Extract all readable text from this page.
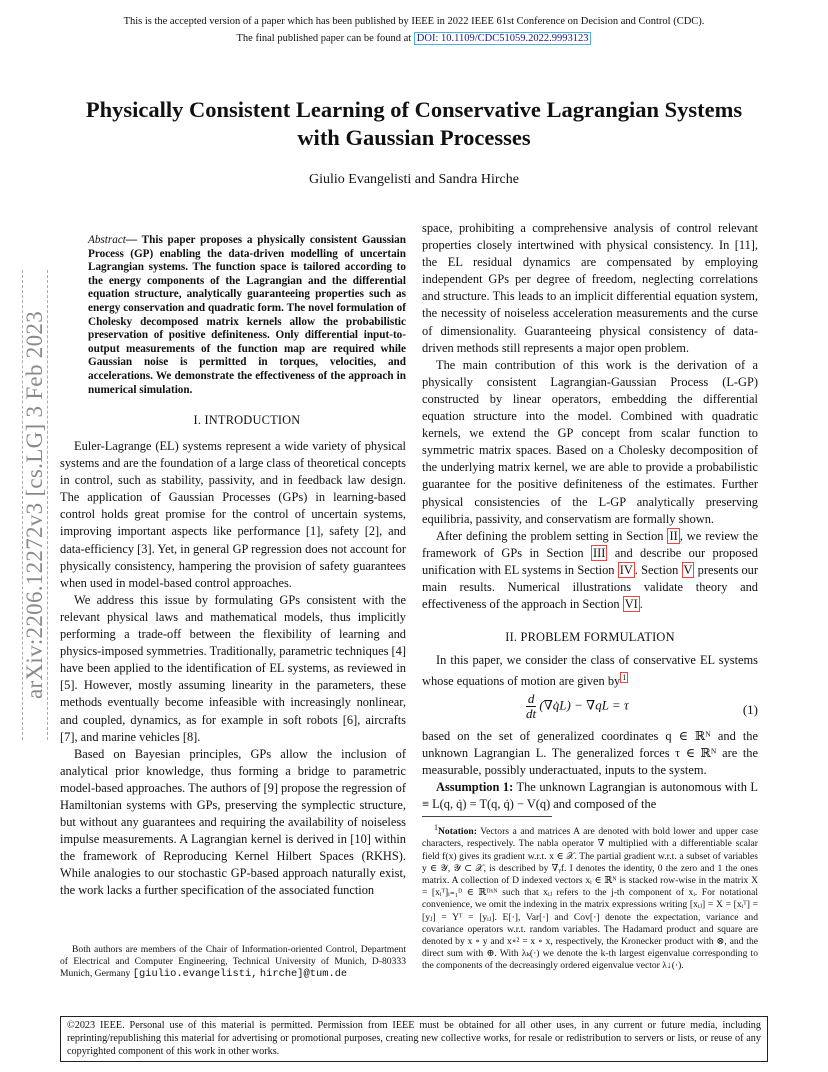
This is the accepted version of a paper which has been published by IEEE in 2022 IEEE 61st Conference on Decision and Control (CDC).
The final published paper can be found at DOI: 10.1109/CDC51059.2022.9993123
Physically Consistent Learning of Conservative Lagrangian Systems
with Gaussian Processes
Giulio Evangelisti and Sandra Hirche
arXiv:2206.12272v3 [cs.LG] 3 Feb 2023
Abstract— This paper proposes a physically consistent Gaussian Process (GP) enabling the data-driven modelling of uncertain Lagrangian systems. The function space is tailored according to the energy components of the Lagrangian and the differential equation structure, analytically guaranteeing properties such as energy conservation and quadratic form. The novel formulation of Cholesky decomposed matrix kernels allow the probabilistic preservation of positive definiteness. Only differential input-to-output measurements of the function map are required while Gaussian noise is permitted in torques, velocities, and accelerations. We demonstrate the effectiveness of the approach in numerical simulation.
I. INTRODUCTION

Euler-Lagrange (EL) systems represent a wide variety of physical systems and are the foundation of a large class of theoretical concepts in control, such as stability, passivity, and in feedback law design. The application of Gaussian Processes (GPs) in learning-based control holds great promise for the control of uncertain systems, improving important aspects like performance [1], safety [2], and data-efficiency [3]. Yet, in general GP regression does not account for physically consistency, hampering the provision of safety guarantees when used in model-based control approaches.

We address this issue by formulating GPs consistent with the relevant physical laws and mathematical models, thus implicitly performing a trade-off between the flexibility of learning and physics-imposed symmetries. Traditionally, parametric techniques [4] have been applied to the identification of EL systems, as reviewed in [5]. However, mostly assuming linearity in the parameters, these methods eventually become infeasible with increasingly nonlinear, and coupled, dynamics, as for example in soft robots [6], aircrafts [7], and marine vehicles [8].

Based on Bayesian principles, GPs allow the inclusion of analytical prior knowledge, thus forming a bridge to parametric model-based approaches. The authors of [9] propose the regression of Hamiltonian systems with GPs, preserving the symplectic structure, but without any guarantees and requiring the availability of noiseless impulse measurements. A Lagrangian kernel is derived in [10] within the framework of Reproducing Kernel Hilbert Spaces (RKHS). While analogies to our stochastic GP-based approach naturally exist, the work lacks a further specification of the associated function

Both authors are members of the Chair of Information-oriented Control, Department of Electrical and Computer Engineering, Technical University of Munich, D-80333 Munich, Germany [giulio.evangelisti, hirche]@tum.de

space, prohibiting a comprehensive analysis of control relevant properties closely intertwined with physical consistency. In [11], the EL residual dynamics are compensated by employing independent GPs per degree of freedom, neglecting correlations and structure. This leads to an implicit differential equation system, the necessity of noiseless acceleration measurements and the curse of dimensionality. Guaranteeing physical consistency of data-driven methods still represents a major open problem.

The main contribution of this work is the derivation of a physically consistent Lagrangian-Gaussian Process (L-GP) constructed by linear operators, embedding the differential equation structure into the model. Combined with quadratic kernels, we extend the GP concept from scalar function to symmetric matrix spaces. Based on a Cholesky decomposition of the underlying matrix kernel, we are able to provide a probabilistic guarantee for the positive definiteness of the estimates. Further physical consistencies of the L-GP analytically preserving equilibria, passivity, and conservatism are formally shown.

After defining the problem setting in Section II , we review the framework of GPs in Section III and describe our proposed unification with EL systems in Section IV . Section V presents our main results. Numerical illustrations validate theory and effectiveness of the approach in Section VI .

II. PROBLEM FORMULATION

In this paper, we consider the class of conservative EL systems whose equations of motion are given by $^1$

$\frac{d}{dt}$ (∇q̇L) − ∇qL = τ	(1)

based on the set of generalized coordinates q ∈ ℝᴺ and the unknown Lagrangian L. The generalized forces τ ∈ ℝᴺ are the measurable, possibly underactuated, inputs to the system.

Assumption 1: The unknown Lagrangian is autonomous with L ≡ L(q, q̇) = T(q, q̇) − V(q) and composed of the

$^1$Notation: Vectors a and matrices A are denoted with bold lower and upper case characters, respectively. The nabla operator ∇ multiplied with a differentiable scalar field f(x) gives its gradient w.r.t. x ∈ 𝒳. The partial gradient w.r.t. a subset of variables y ∈ 𝒴, 𝒴 ⊂ 𝒳, is described by ∇ᵧf. I denotes the identity, 0 the zero and 1 the ones matrix. A collection of D indexed vectors xᵢ ∈ ℝᴺ is stacked row-wise in the matrix X = [xᵢᵀ]ᵢ₌₁ᴰ ∈ ℝᴰˣᴺ such that xᵢⱼ refers to the j-th component of xᵢ. For notational convenience, we omit the indexing in the matrix expressions writing [xᵢⱼ] = X = [xᵢᵀ] = [yⱼ] = Yᵀ = [yᵢⱼ]. E[·], Var[·] and Cov[·] denote the expectation, variance and covariance operators w.r.t. random variables. The Hadamard product and square are denoted by x ∘ y and x∘² = x ∘ x, respectively, the Kronecker product with ⊗, and the direct sum with ⊕. With λₖ(·) we denote the k-th largest eigenvalue corresponding to the components of the decreasingly ordered eigenvalue vector λ↓(·).

©2023 IEEE. Personal use of this material is permitted. Permission from IEEE must be obtained for all other uses, in any current or future media, including reprinting/republishing this material for advertising or promotional purposes, creating new collective works, for resale or redistribution to servers or lists, or reuse of any copyrighted component of this work in other works.
